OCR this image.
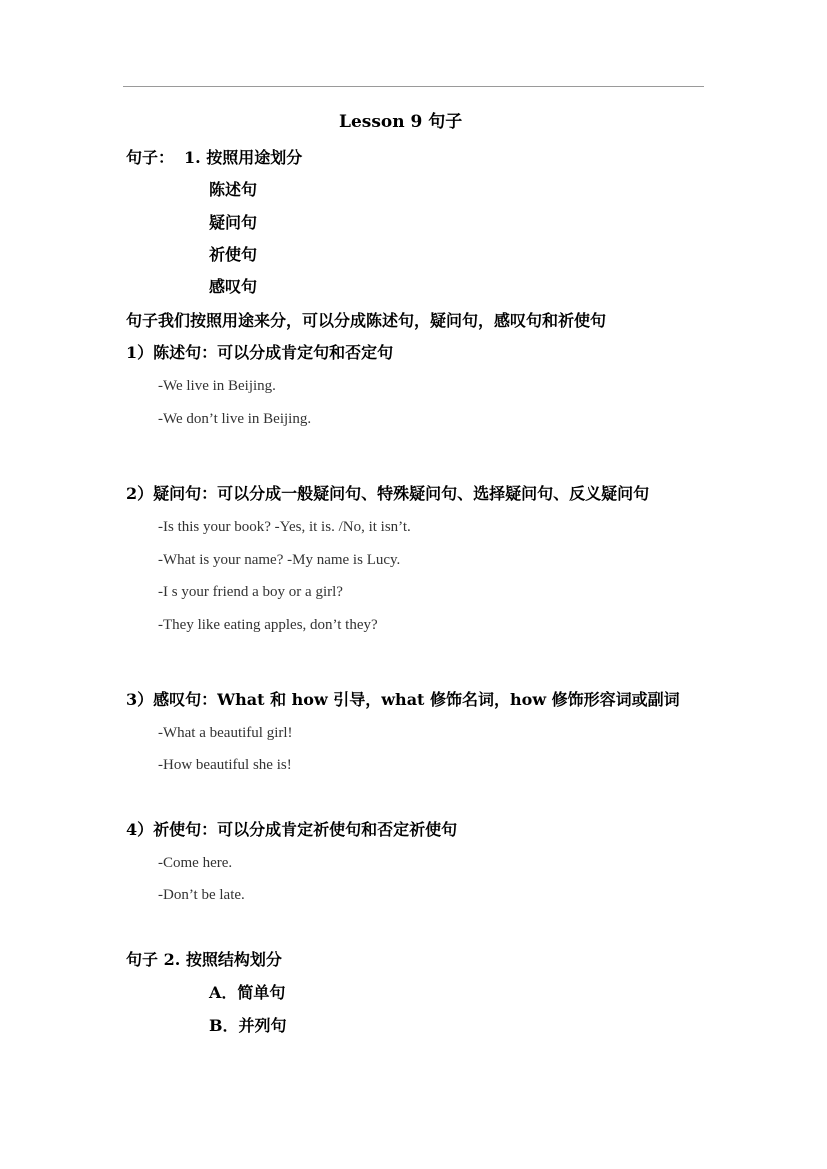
Lesson 9 句子
句子： 1. 按照用途划分
陈述句
疑问句
祈使句
感叹句
句子我们按照用途来分，可以分成陈述句，疑问句，感叹句和祈使句
1）陈述句：可以分成肯定句和否定句
-We live in Beijing.
-We don’t live in Beijing.
2）疑问句：可以分成一般疑问句、特殊疑问句、选择疑问句、反义疑问句
-Is this your book? -Yes, it is. /No, it isn’t.
-What is your name? -My name is Lucy.
-I s your friend a boy or a girl?
-They like eating apples, don’t they?
3）感叹句：What 和 how 引导，what 修饰名词，how 修饰形容词或副词
-What a beautiful girl!
-How beautiful she is!
4）祈使句：可以分成肯定祈使句和否定祈使句
-Come here.
-Don’t be late.
句子 2. 按照结构划分
A．简单句
B．并列句
